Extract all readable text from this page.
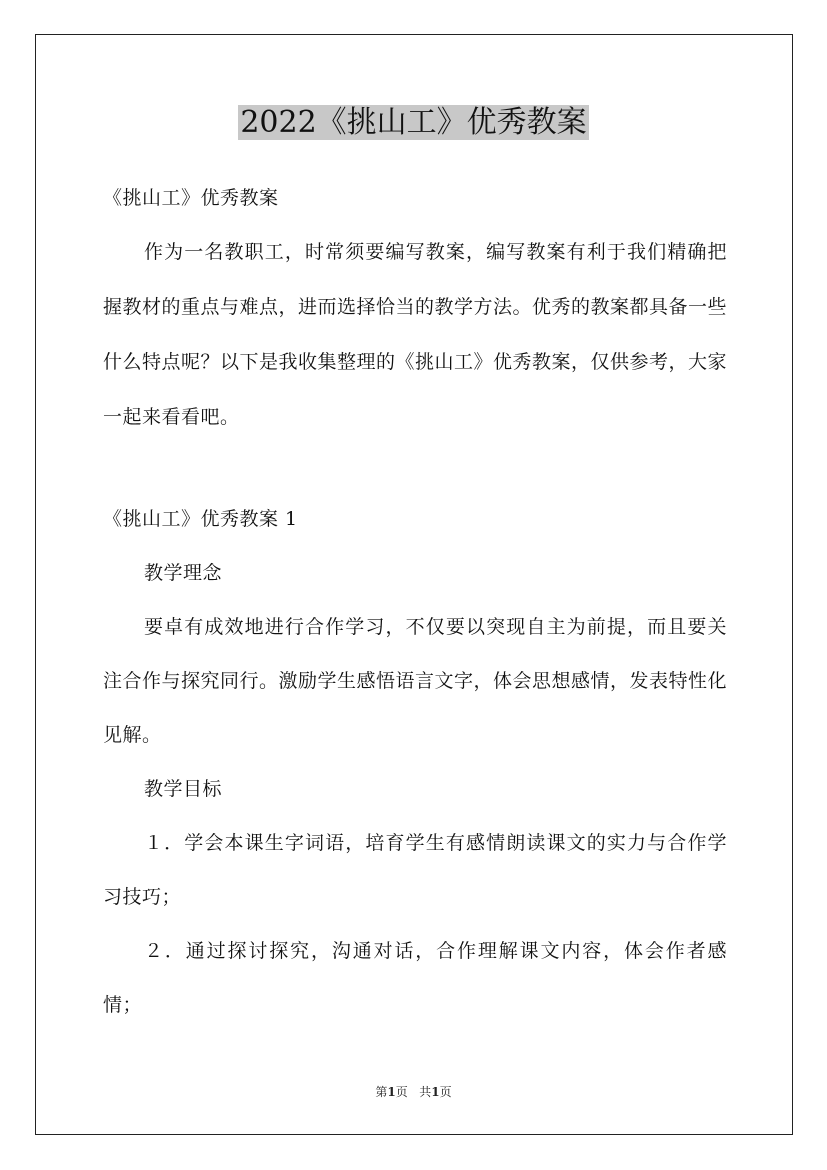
2022《挑山工》优秀教案

《挑山工》优秀教案

作为一名教职工，时常须要编写教案，编写教案有利于我们精确把握教材的重点与难点，进而选择恰当的教学方法。优秀的教案都具备一些什么特点呢？以下是我收集整理的《挑山工》优秀教案，仅供参考，大家一起来看看吧。

《挑山工》优秀教案 1

教学理念

要卓有成效地进行合作学习，不仅要以突现自主为前提，而且要关注合作与探究同行。激励学生感悟语言文字，体会思想感情，发表特性化见解。

教学目标

１．学会本课生字词语，培育学生有感情朗读课文的实力与合作学习技巧；

２．通过探讨探究，沟通对话，合作理解课文内容，体会作者感情；

第1页 共1页
